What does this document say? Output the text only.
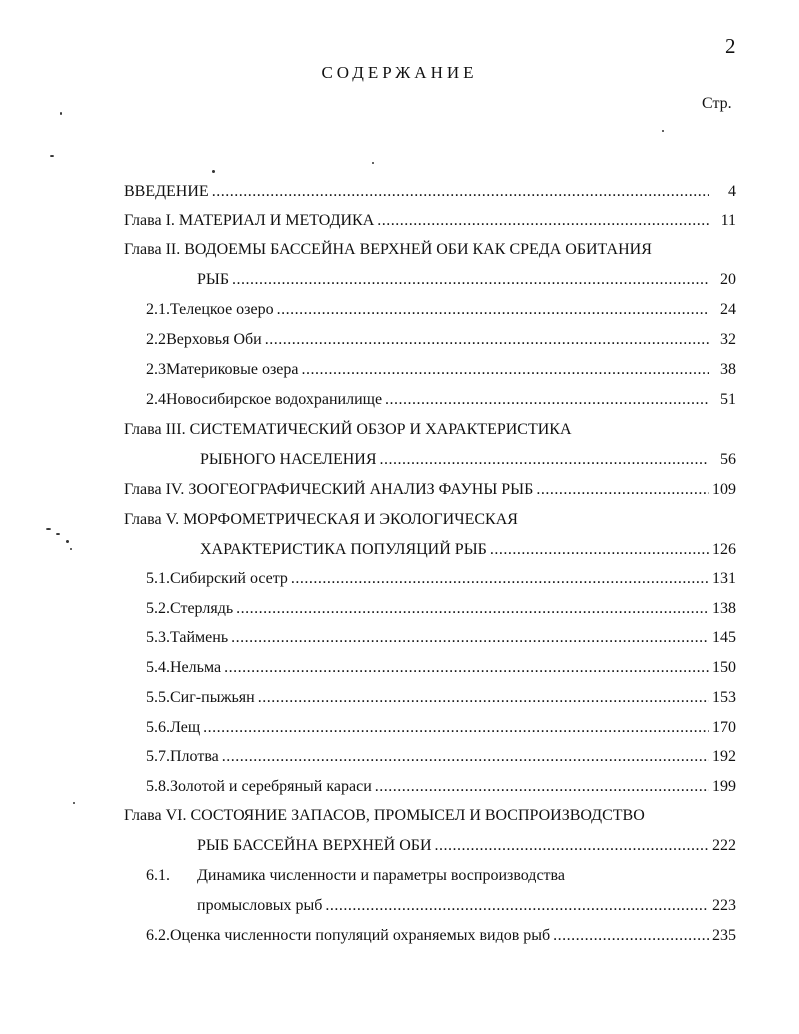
2
СОДЕРЖАНИЕ
Стр.
ВВЕДЕНИЕ .....	4
Глава I. МАТЕРИАЛ И МЕТОДИКА .....	11
Глава II. ВОДОЕМЫ БАССЕЙНА ВЕРХНЕЙ ОБИ КАК СРЕДА ОБИТАНИЯ
РЫБ .....	20
2.1. Телецкое озеро .....	24
2.2 Верховья Оби .....	32
2.3 Материковые озера .....	38
2.4 Новосибирское водохранилище .....	51
Глава III. СИСТЕМАТИЧЕСКИЙ ОБЗОР И ХАРАКТЕРИСТИКА
РЫБНОГО НАСЕЛЕНИЯ .....	56
Глава IV. ЗООГЕОГРАФИЧЕСКИЙ АНАЛИЗ ФАУНЫ РЫБ .....	109
Глава V. МОРФОМЕТРИЧЕСКАЯ И ЭКОЛОГИЧЕСКАЯ
ХАРАКТЕРИСТИКА ПОПУЛЯЦИЙ РЫБ .....	126
5.1. Сибирский осетр .....	131
5.2. Стерлядь .....	138
5.3. Таймень .....	145
5.4. Нельма .....	150
5.5. Сиг-пыжьян .....	153
5.6. Лещ .....	170
5.7. Плотва .....	192
5.8. Золотой и серебряный караси .....	199
Глава VI. СОСТОЯНИЕ ЗАПАСОВ, ПРОМЫСЕЛ И ВОСПРОИЗВОДСТВО
РЫБ БАССЕЙНА ВЕРХНЕЙ ОБИ .....	222
6.1. Динамика численности и параметры воспроизводства
промысловых рыб .....	223
6.2. Оценка численности популяций охраняемых видов рыб .....	235
